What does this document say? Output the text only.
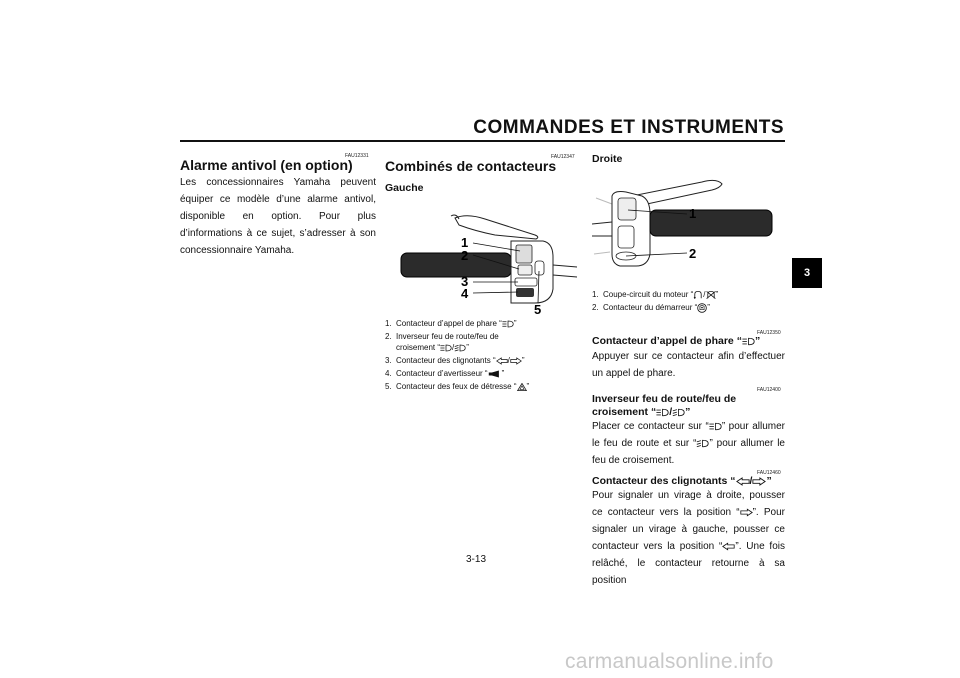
COMMANDES ET INSTRUMENTS
3
FAU12331
Alarme antivol (en option)
Les concessionnaires Yamaha peuvent équiper ce modèle d’une alarme antivol, disponible en option. Pour plus d’informations à ce sujet, s’adresser à son concessionnaire Yamaha.
FAU12347
Combinés de contacteurs
Gauche
1
2
3
4
5
1. Contacteur d’appel de phare “ ”
2. Inverseur feu de route/feu de
croisement “ / ”
3. Contacteur des clignotants “ / ”
4. Contacteur d’avertisseur “ ”
5. Contacteur des feux de détresse “ ”
Droite
1
2
1. Coupe-circuit du moteur “ / ”
2. Contacteur du démarreur “ ”
FAU12350
Contacteur d’appel de phare “ ”
Appuyer sur ce contacteur afin d’effectuer un appel de phare.
FAU12400
Inverseur feu de route/feu de
croisement “ / ”
Placer ce contacteur sur “ ” pour allumer le feu de route et sur “ ” pour allumer le feu de croisement.
FAU12460
Contacteur des clignotants “ / ”
Pour signaler un virage à droite, pousser ce contacteur vers la position “ ”. Pour signaler un virage à gauche, pousser ce contacteur vers la position “ ”. Une fois relâché, le contacteur retourne à sa position
3-13
carmanualsonline.info
